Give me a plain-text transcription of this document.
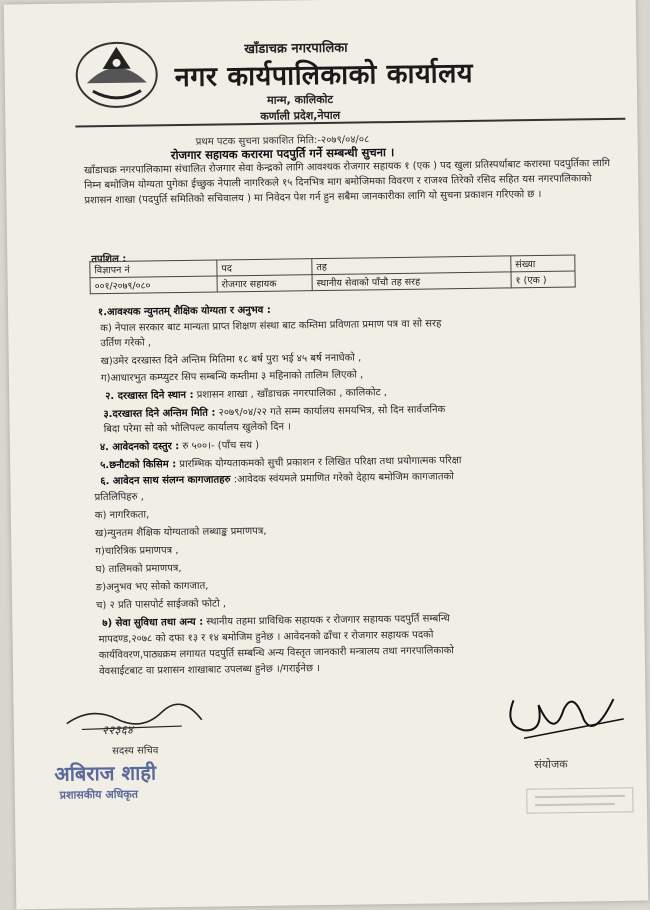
खाँडाचक्र नगरपालिका
नगर कार्यपालिकाको कार्यालय
मान्म, कालिकोट
कर्णाली प्रदेश,नेपाल
प्रथम पटक सुचना प्रकाशित मिति:-२०७९/०४/०८
रोजगार सहायक करारमा पदपुर्ति गर्ने सम्बन्धी सुचना ।
खाँडाचक्र नगरपालिकामा संचालित रोजगार सेवा केन्द्रको लागि आवश्यक रोजगार सहायक १ (एक ) पद खुला प्रतिस्पर्धाबाट करारमा पदपुर्तिका लागि निम्न बमोजिम योग्यता पुगेका ईच्छुक नेपाली नागरिकले १५ दिनभित्र माग बमोजिमका विवरण र राजश्व तिरेको रसिद सहित यस नगरपालिकाको प्रशासन शाखा (पदपुर्ति समितिको सचिवालय ) मा निवेदन पेश गर्न हुन सबैमा जानकारीका लागि यो सुचना प्रकाशन गरिएको छ ।
तपशिल :
विज्ञापन नं	पद	तह	संख्या
००१/२०७९/०८०	रोजगार सहायक	स्थानीय सेवाको पाँचौ तह सरह	१ (एक )
१.आवश्यक न्युनतम् शैक्षिक योग्यता र अनुभव :
क) नेपाल सरकार बाट मान्यता प्राप्त शिक्षण संस्था बाट कम्तिमा प्रविणता प्रमाण पत्र वा सो सरह
उर्तिण गरेको ,
ख)उमेर दरखास्त दिने अन्तिम मितिमा १८ बर्ष पुरा भई ४५ बर्ष ननाघेको ,
ग)आधारभुत कम्प्युटर सिप सम्बन्धि कम्तीमा ३ महिनाको तालिम लिएको ,
२. दरखास्त दिने स्थान : प्रशासन शाखा , खाँडाचक्र नगरपालिका , कालिकोट ,
३.दरखास्त दिने अन्तिम मिति : २०७९/०४/२२ गते सम्म कार्यालय समयभित्र, सो दिन सार्वजनिक
बिदा परेमा सो को भोलिपल्ट कार्यालय खुलेको दिन ।
४. आवेदनको दस्तुर : रु ५००।- (पाँच सय )
५.छनौटको किसिम : प्रारम्भिक योग्यताकमको सुची प्रकाशन र लिखित परिक्षा तथा प्रयोगात्मक परिक्षा
६. आवेदन साथ संलग्न कागजातहरु :आवेदक स्वंयमले प्रमाणित गरेको देहाय बमोजिम कागजातको
प्रतिलिपिहरु ,
क) नागरिकता,
ख)न्युनतम शैक्षिक योग्यताको लब्धाङ्क प्रमाणपत्र,
ग)चारित्रिक प्रमाणपत्र ,
घ) तालिमको प्रमाणपत्र,
ङ)अनुभव भए सोको कागजात,
च) २ प्रति पासपोर्ट साईजको फोटो ,
७) सेवा सुविधा तथा अन्य : स्थानीय तहमा प्राविधिक सहायक र रोजगार सहायक पदपुर्ति सम्बन्धि
मापदण्ड,२०७८ को दफा १३ र १४ बमोजिम हुनेछ । आवेदनको ढाँचा र रोजगार सहायक पदको
कार्यविवरण,पाठ्यक्रम लगायत पदपुर्ति सम्बन्धि अन्य विस्तृत जानकारी मन्त्रालय तथा नगरपालिकाको
वेवसाईटबाट वा प्रशासन शाखाबाट उपलब्ध हुनेछ ।/गराईनेछ ।
२२३६४
सदस्य सचिव
अबिराज शाही
प्रशासकीय अधिकृत
संयोजक
